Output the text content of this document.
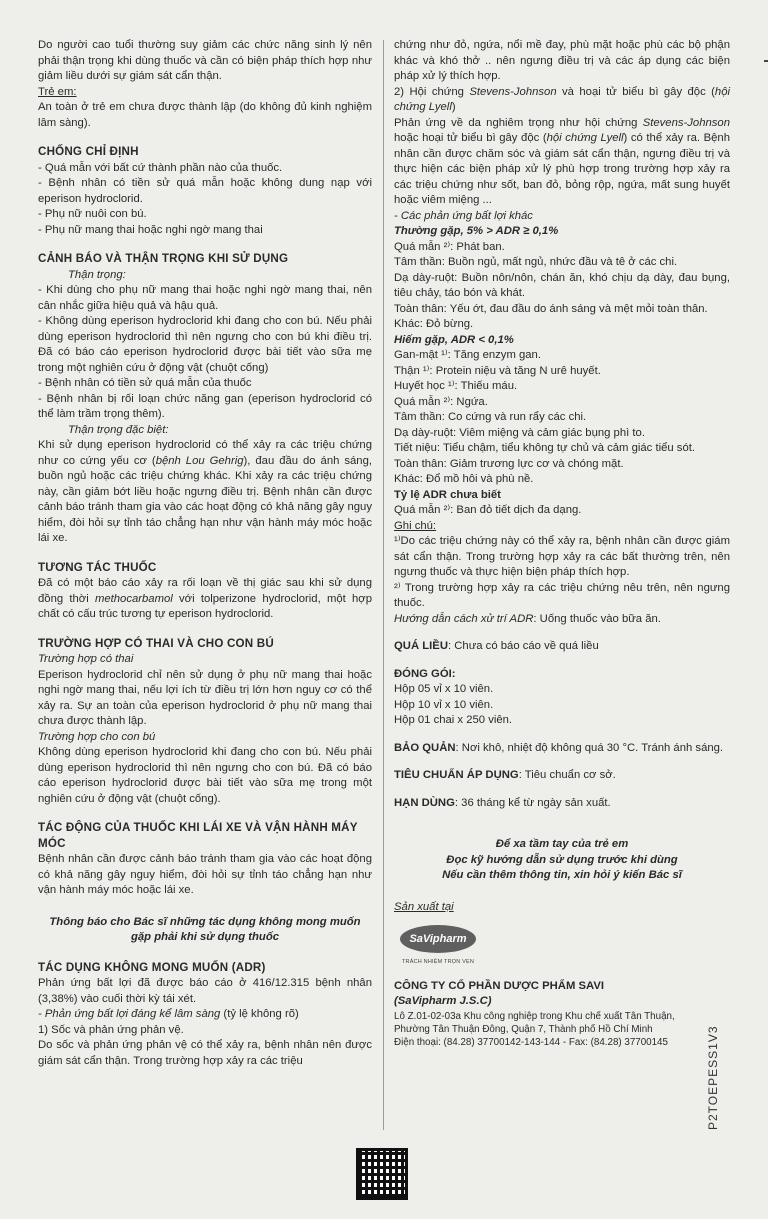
Do người cao tuổi thường suy giảm các chức năng sinh lý nên phải thận trọng khi dùng thuốc và cần có biện pháp thích hợp như giảm liều dưới sự giám sát cẩn thận.

Trẻ em:

An toàn ở trẻ em chưa được thành lập (do không đủ kinh nghiệm lâm sàng).

CHỐNG CHỈ ĐỊNH

- Quá mẫn với bất cứ thành phần nào của thuốc.

- Bệnh nhân có tiền sử quá mẫn hoặc không dung nạp với eperison hydroclorid.

- Phụ nữ nuôi con bú.

- Phụ nữ mang thai hoặc nghi ngờ mang thai

CẢNH BÁO VÀ THẬN TRỌNG KHI SỬ DỤNG

Thận trọng:

- Khi dùng cho phụ nữ mang thai hoặc nghi ngờ mang thai, nên cân nhắc giữa hiệu quả và hậu quả.

- Không dùng eperison hydroclorid khi đang cho con bú. Nếu phải dùng eperison hydroclorid thì nên ngưng cho con bú khi điều trị. Đã có báo cáo eperison hydroclorid được bài tiết vào sữa mẹ trong một nghiên cứu ở động vật (chuột cống)

- Bệnh nhân có tiền sử quá mẫn của thuốc

- Bệnh nhân bị rối loạn chức năng gan (eperison hydroclorid có thể làm trầm trọng thêm).

Thận trọng đặc biệt:

Khi sử dụng eperison hydroclorid có thể xảy ra các triệu chứng như co cứng yếu cơ (bệnh Lou Gehrig), đau đầu do ánh sáng, buồn ngủ hoặc các triệu chứng khác. Khi xảy ra các triệu chứng này, cần giảm bớt liều hoặc ngưng điều trị. Bệnh nhân cần được cảnh báo tránh tham gia vào các hoạt động có khả năng gây nguy hiểm, đòi hỏi sự tỉnh táo chẳng hạn như vận hành máy móc hoặc lái xe.

TƯƠNG TÁC THUỐC

Đã có một báo cáo xảy ra rối loạn về thị giác sau khi sử dụng đồng thời methocarbamol với tolperizone hydroclorid, một hợp chất có cấu trúc tương tự eperison hydroclorid.

TRƯỜNG HỢP CÓ THAI VÀ CHO CON BÚ

Trường hợp có thai

Eperison hydroclorid chỉ nên sử dụng ở phụ nữ mang thai hoặc nghi ngờ mang thai, nếu lợi ích từ điều trị lớn hơn nguy cơ có thể xảy ra. Sự an toàn của eperison hydroclorid ở phụ nữ mang thai chưa được thành lập.

Trường hợp cho con bú

Không dùng eperison hydroclorid khi đang cho con bú. Nếu phải dùng eperison hydroclorid thì nên ngưng cho con bú. Đã có báo cáo eperison hydroclorid được bài tiết vào sữa mẹ trong một nghiên cứu ở động vật (chuột cống).

TÁC ĐỘNG CỦA THUỐC KHI LÁI XE VÀ VẬN HÀNH MÁY MÓC

Bệnh nhân cần được cảnh báo tránh tham gia vào các hoạt động có khả năng gây nguy hiểm, đòi hỏi sự tỉnh táo chẳng hạn như vận hành máy móc hoặc lái xe.

Thông báo cho Bác sĩ những tác dụng không mong muốn gặp phải khi sử dụng thuốc

TÁC DỤNG KHÔNG MONG MUỐN (ADR)

Phản ứng bất lợi đã được báo cáo ở 416/12.315 bệnh nhân (3,38%) vào cuối thời kỳ tái xét.

- Phản ứng bất lợi đáng kể lâm sàng (tỷ lệ không rõ)

1) Sốc và phản ứng phản vệ.

Do sốc và phản ứng phản vệ có thể xảy ra, bệnh nhân nên được giám sát cẩn thận. Trong trường hợp xảy ra các triệu

chứng như đỏ, ngứa, nổi mề đay, phù mặt hoặc phù các bộ phận khác và khó thở .. nên ngưng điều trị và các áp dụng các biện pháp xử lý thích hợp.

2) Hội chứng Stevens-Johnson và hoại tử biểu bì gây độc (hội chứng Lyell)

Phản ứng về da nghiêm trọng như hội chứng Stevens-Johnson hoặc hoại tử biểu bì gây độc (hội chứng Lyell) có thể xảy ra. Bệnh nhân cần được chăm sóc và giám sát cẩn thận, ngưng điều trị và thực hiện các biện pháp xử lý phù hợp trong trường hợp xảy ra các triệu chứng như sốt, ban đỏ, bỏng rộp, ngứa, mất sung huyết hoặc viêm miệng ...

- Các phản ứng bất lợi khác

Thường gặp, 5% > ADR ≥ 0,1%

Quá mẫn ²⁾: Phát ban.

Tâm thần: Buồn ngủ, mất ngủ, nhức đầu và tê ở các chi.

Dạ dày-ruột: Buồn nôn/nôn, chán ăn, khó chịu dạ dày, đau bụng, tiêu chảy, táo bón và khát.

Toàn thân: Yếu ớt, đau đầu do ánh sáng và mệt mỏi toàn thân.

Khác: Đỏ bừng.

Hiếm gặp, ADR < 0,1%

Gan-mật ¹⁾: Tăng enzym gan.

Thận ¹⁾: Protein niệu và tăng N urê huyết.

Huyết học ¹⁾: Thiếu máu.

Quá mẫn ²⁾: Ngứa.

Tâm thần: Co cứng và run rẩy các chi.

Dạ dày-ruột: Viêm miệng và cảm giác bụng phì to.

Tiết niệu: Tiểu chậm, tiểu không tự chủ và cảm giác tiểu sót.

Toàn thân: Giảm trương lực cơ và chóng mặt.

Khác: Đổ mồ hôi và phù nề.

Tỷ lệ ADR chưa biết

Quá mẫn ²⁾: Ban đỏ tiết dịch đa dạng.

Ghi chú:

¹⁾Do các triệu chứng này có thể xảy ra, bệnh nhân cần được giám sát cẩn thận. Trong trường hợp xảy ra các bất thường trên, nên ngưng thuốc và thực hiện biện pháp thích hợp.

²⁾ Trong trường hợp xảy ra các triệu chứng nêu trên, nên ngưng thuốc.

Hướng dẫn cách xử trí ADR: Uống thuốc vào bữa ăn.

QUÁ LIỀU: Chưa có báo cáo về quá liều

ĐÓNG GÓI:

Hộp 05 vỉ x 10 viên.

Hộp 10 vỉ x 10 viên.

Hộp 01 chai x 250 viên.

BẢO QUẢN: Nơi khô, nhiệt độ không quá 30 °C. Tránh ánh sáng.

TIÊU CHUẨN ÁP DỤNG: Tiêu chuẩn cơ sở.

HẠN DÙNG: 36 tháng kể từ ngày sản xuất.

Để xa tầm tay của trẻ em

Đọc kỹ hướng dẫn sử dụng trước khi dùng

Nếu cần thêm thông tin, xin hỏi ý kiến Bác sĩ

Sản xuất tại

SaVipharm
TRÁCH NHIỆM TRỌN VẸN

CÔNG TY CỔ PHẦN DƯỢC PHẨM SAVI

(SaVipharm J.S.C)

Lô Z.01-02-03a Khu công nghiệp trong Khu chế xuất Tân Thuận,

Phường Tân Thuận Đông, Quận 7, Thành phố Hồ Chí Minh

Điện thoại: (84.28) 37700142-143-144 - Fax: (84.28) 37700145	P2TOEPESS1V3
